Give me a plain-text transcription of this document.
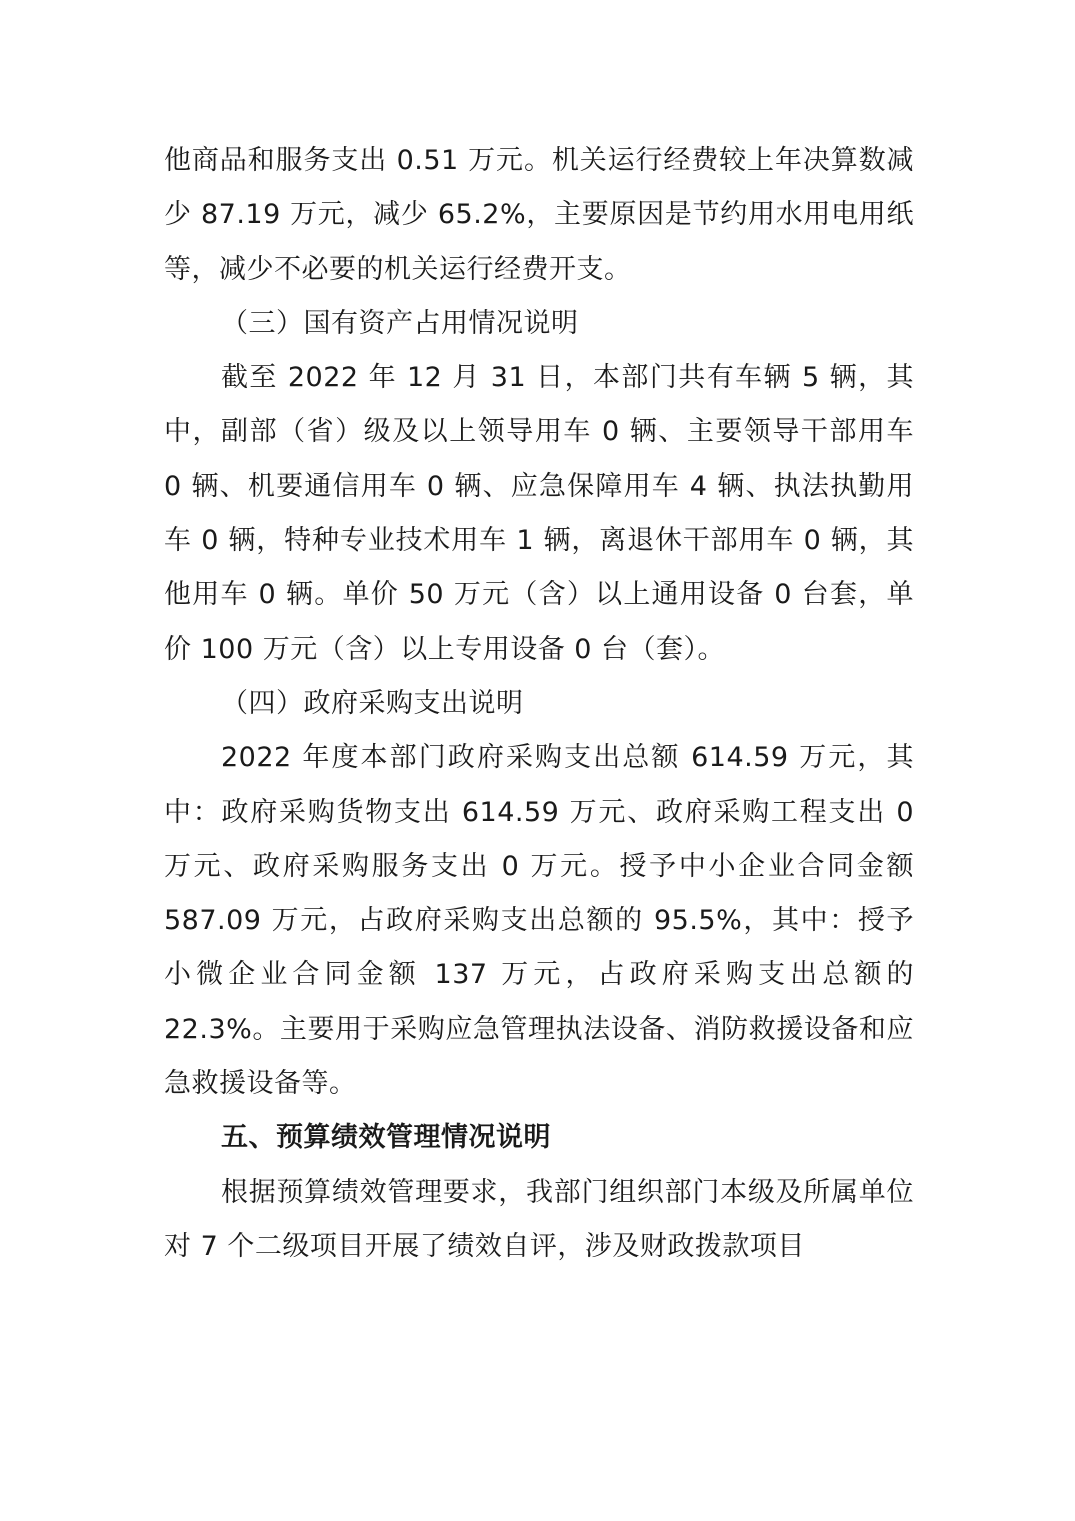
他商品和服务支出 0.51 万元。机关运行经费较上年决算数减少 87.19 万元，减少 65.2%，主要原因是节约用水用电用纸等，减少不必要的机关运行经费开支。

（三）国有资产占用情况说明

截至 2022 年 12 月 31 日，本部门共有车辆 5 辆，其中，副部（省）级及以上领导用车 0 辆、主要领导干部用车 0 辆、机要通信用车 0 辆、应急保障用车 4 辆、执法执勤用车 0 辆，特种专业技术用车 1 辆，离退休干部用车 0 辆，其他用车 0 辆。单价 50 万元（含）以上通用设备 0 台套，单价 100 万元（含）以上专用设备 0 台（套）。

（四）政府采购支出说明

2022 年度本部门政府采购支出总额 614.59 万元，其中：政府采购货物支出 614.59 万元、政府采购工程支出 0 万元、政府采购服务支出 0 万元。授予中小企业合同金额 587.09 万元，占政府采购支出总额的 95.5%，其中：授予小微企业合同金额 137 万元，占政府采购支出总额的 22.3%。主要用于采购应急管理执法设备、消防救援设备和应急救援设备等。

五、预算绩效管理情况说明

根据预算绩效管理要求，我部门组织部门本级及所属单位对 7 个二级项目开展了绩效自评，涉及财政拨款项目
